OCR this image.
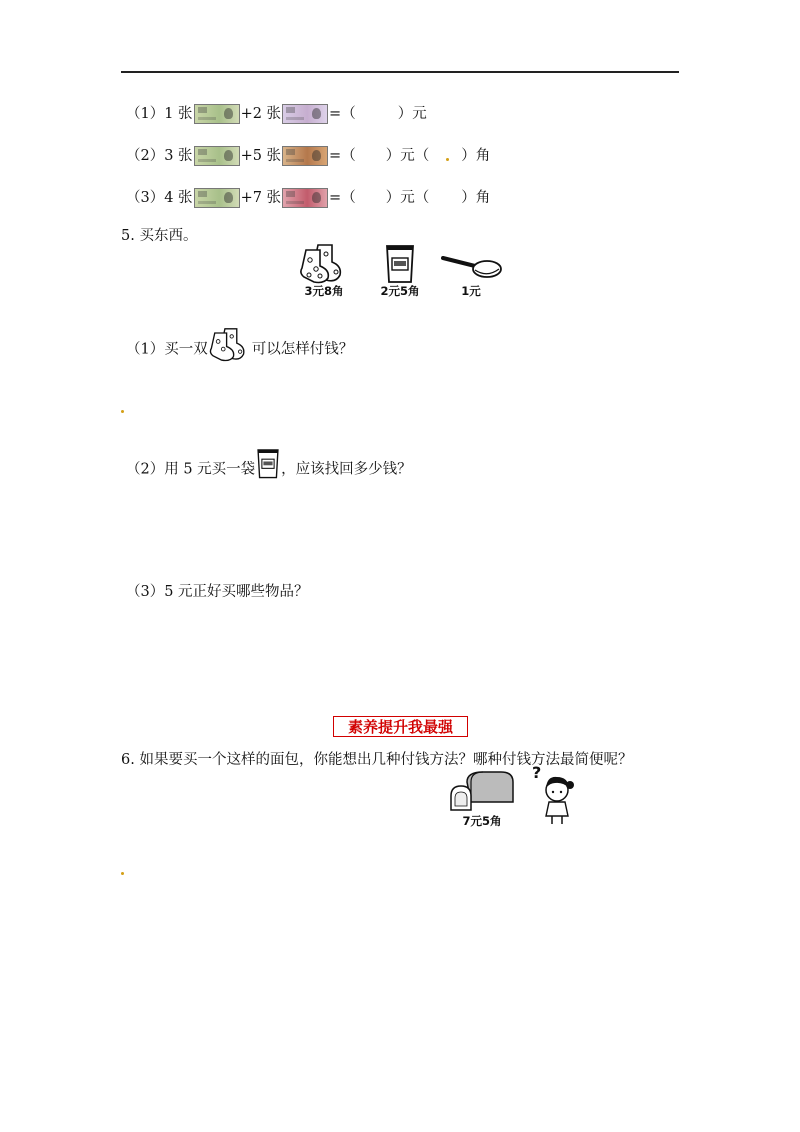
（1）1 张	+2 张	=（	）元
（2）3 张	+5 张	=（ ）元（ ）角
（3）4 张	+7 张	=（ ）元（ ）角
5. 买东西。
3元8角	2元5角	1元
（1）买一双	可以怎样付钱？
（2）用 5 元买一袋 ，应该找回多少钱？
（3）5 元正好买哪些物品？
素养提升我最强
6. 如果要买一个这样的面包，你能想出几种付钱方法？哪种付钱方法最简便呢？
7元5角
?
